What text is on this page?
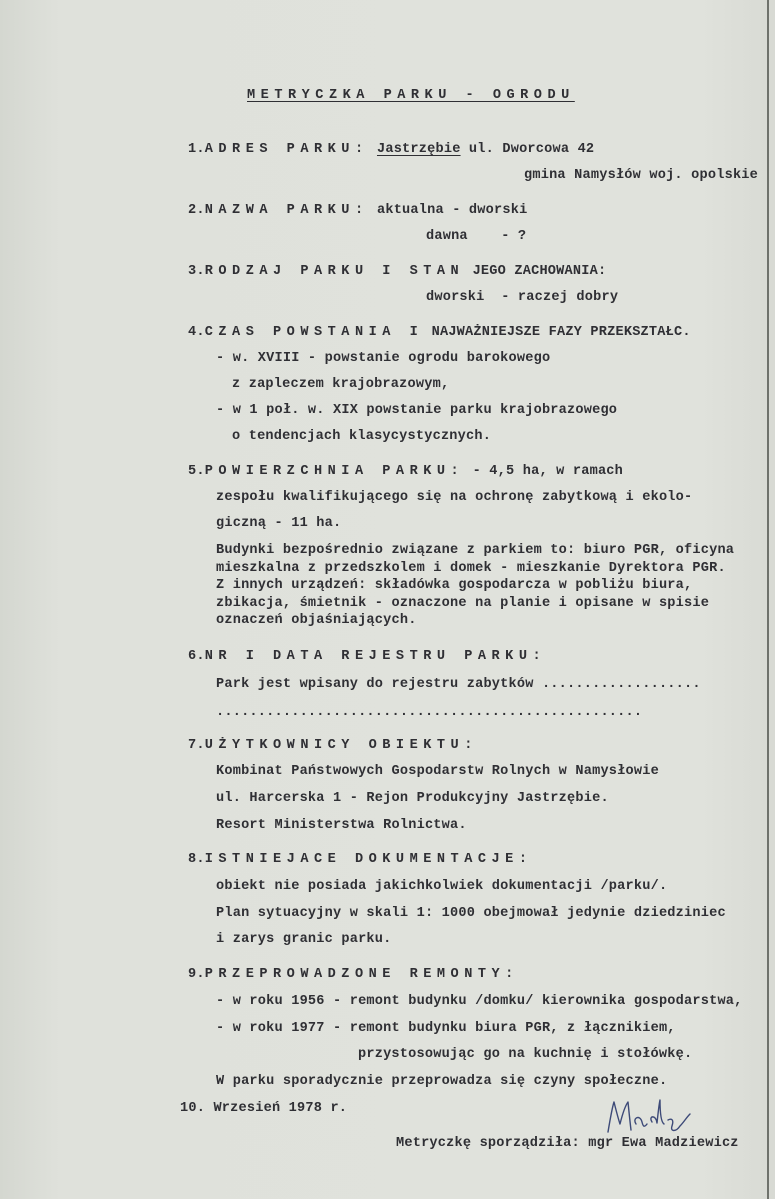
METRYCZKA PARKU - OGRODU
1.ADRES PARKU: Jastrzębie ul. Dworcowa 42
gmina Namysłów woj. opolskie
2.NAZWA PARKU: aktualna - dworski
dawna    - ?
3.RODZAJ PARKU I STAN JEGO ZACHOWANIA:
dworski  - raczej dobry
4.CZAS POWSTANIA I NAJWAŻNIEJSZE FAZY PRZEKSZTAŁC.
- w. XVIII - powstanie ogrodu barokowego
z zapleczem krajobrazowym,
- w 1 poł. w. XIX powstanie parku krajobrazowego
o tendencjach klasycystycznych.
5.POWIERZCHNIA PARKU: - 4,5 ha, w ramach
zespołu kwalifikującego się na ochronę zabytkową i ekolo-
giczną - 11 ha.
Budynki bezpośrednio związane z parkiem to: biuro PGR, oficyna
mieszkalna z przedszkolem i domek - mieszkanie Dyrektora PGR.
Z innych urządzeń: składówka gospodarcza w pobliżu biura,
zbikacja, śmietnik - oznaczone na planie i opisane w spisie
oznaczeń objaśniających.
6.NR I DATA REJESTRU PARKU:
Park jest wpisany do rejestru zabytków ...................
...................................................
7.UŻYTKOWNICY OBIEKTU:
Kombinat Państwowych Gospodarstw Rolnych w Namysłowie
ul. Harcerska 1 - Rejon Produkcyjny Jastrzębie.
Resort Ministerstwa Rolnictwa.
8.ISTNIEJACE DOKUMENTACJE:
obiekt nie posiada jakichkolwiek dokumentacji /parku/.
Plan sytuacyjny w skali 1: 1000 obejmował jedynie dziedziniec
i zarys granic parku.
9.PRZEPROWADZONE REMONTY:
- w roku 1956 - remont budynku /domku/ kierownika gospodarstwa,
- w roku 1977 - remont budynku biura PGR, z łącznikiem,
przystosowując go na kuchnię i stołówkę.
W parku sporadycznie przeprowadza się czyny społeczne.
10. Wrzesień 1978 r.
Metryczkę sporządziła: mgr Ewa Madziewicz
